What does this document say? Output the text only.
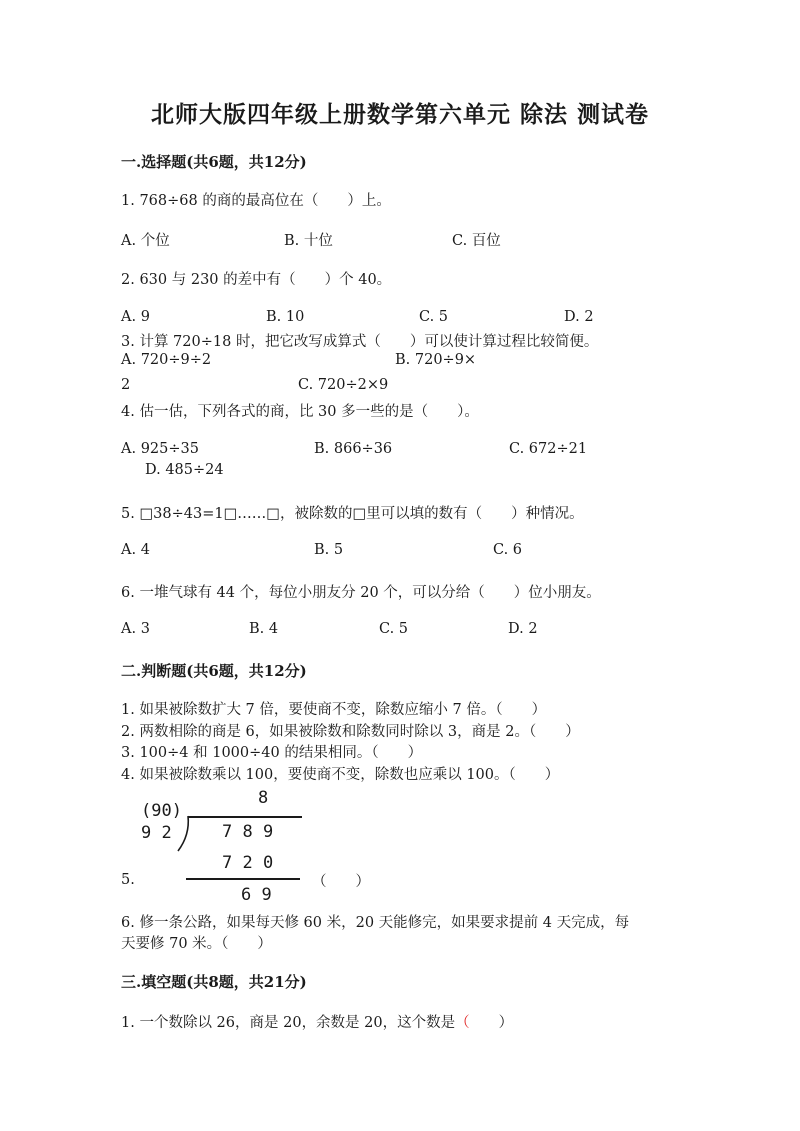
北师大版四年级上册数学第六单元 除法 测试卷
一.选择题(共6题，共12分)
1. 768÷68 的商的最高位在（　　）上。
A. 个位	B. 十位	C. 百位
2. 630 与 230 的差中有（　　）个 40。
A. 9	B. 10	C. 5	D. 2
3. 计算 720÷18 时，把它改写成算式（　　）可以使计算过程比较简便。
A. 720÷9÷2	B. 720÷9×
2	C. 720÷2×9
4. 估一估，下列各式的商，比 30 多一些的是（　　）。
A. 925÷35	B. 866÷36	C. 672÷21
D. 485÷24
5. □38÷43=1□……□，被除数的□里可以填的数有（　　）种情况。
A. 4	B. 5	C. 6
6. 一堆气球有 44 个，每位小朋友分 20 个，可以分给（　　）位小朋友。
A. 3	B. 4	C. 5	D. 2
二.判断题(共6题，共12分)
1. 如果被除数扩大 7 倍，要使商不变，除数应缩小 7 倍。（　　）
2. 两数相除的商是 6，如果被除数和除数同时除以 3，商是 2。（　　）
3. 100÷4 和 1000÷40 的结果相同。（　　）
4. 如果被除数乘以 100，要使商不变，除数也应乘以 100。（　　）
(90)
8
9 2	7 8 9
7 2 0
6 9
5.	（　　）
6. 修一条公路，如果每天修 60 米，20 天能修完，如果要求提前 4 天完成，每
天要修 70 米。（　　）
三.填空题(共8题，共21分)
1. 一个数除以 26，商是 20，余数是 20，这个数是（　　）
